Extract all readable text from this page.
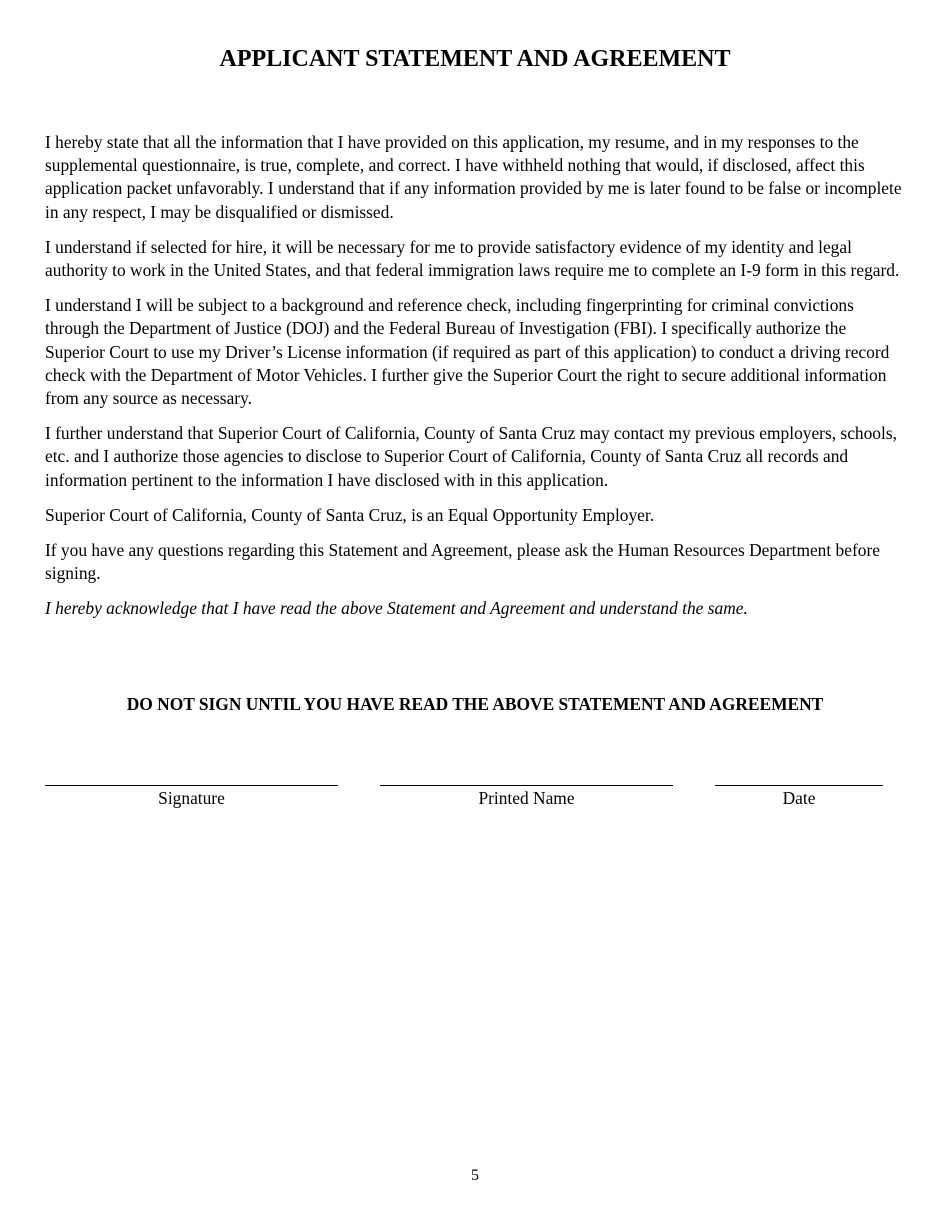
APPLICANT STATEMENT AND AGREEMENT

I hereby state that all the information that I have provided on this application, my resume, and in my responses to the supplemental questionnaire, is true, complete, and correct. I have withheld nothing that would, if disclosed, affect this application packet unfavorably. I understand that if any information provided by me is later found to be false or incomplete in any respect, I may be disqualified or dismissed.

I understand if selected for hire, it will be necessary for me to provide satisfactory evidence of my identity and legal authority to work in the United States, and that federal immigration laws require me to complete an I-9 form in this regard.

I understand I will be subject to a background and reference check, including fingerprinting for criminal convictions through the Department of Justice (DOJ) and the Federal Bureau of Investigation (FBI). I specifically authorize the Superior Court to use my Driver’s License information (if required as part of this application) to conduct a driving record check with the Department of Motor Vehicles. I further give the Superior Court the right to secure additional information from any source as necessary.

I further understand that Superior Court of California, County of Santa Cruz may contact my previous employers, schools, etc. and I authorize those agencies to disclose to Superior Court of California, County of Santa Cruz all records and information pertinent to the information I have disclosed with in this application.

Superior Court of California, County of Santa Cruz, is an Equal Opportunity Employer.

If you have any questions regarding this Statement and Agreement, please ask the Human Resources Department before signing.

I hereby acknowledge that I have read the above Statement and Agreement and understand the same.

DO NOT SIGN UNTIL YOU HAVE READ THE ABOVE STATEMENT AND AGREEMENT

Signature	Printed Name	Date
5
